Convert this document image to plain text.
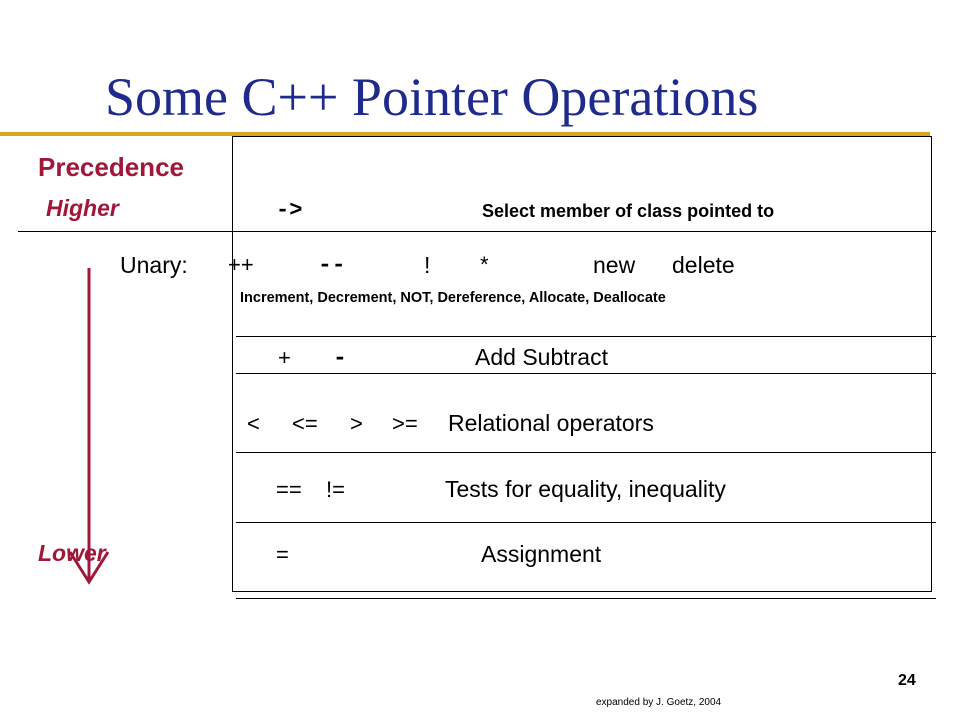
Some C++ Pointer Operations
Precedence
Higher
Lower
->	Select member of class pointed to
Unary: ++	--	! *	new delete
Increment, Decrement, NOT, Dereference, Allocate, Deallocate
+ -	Add Subtract
< <= > >= Relational operators
== !=	Tests for equality, inequality
=	Assignment
expanded by J. Goetz, 2004
24
